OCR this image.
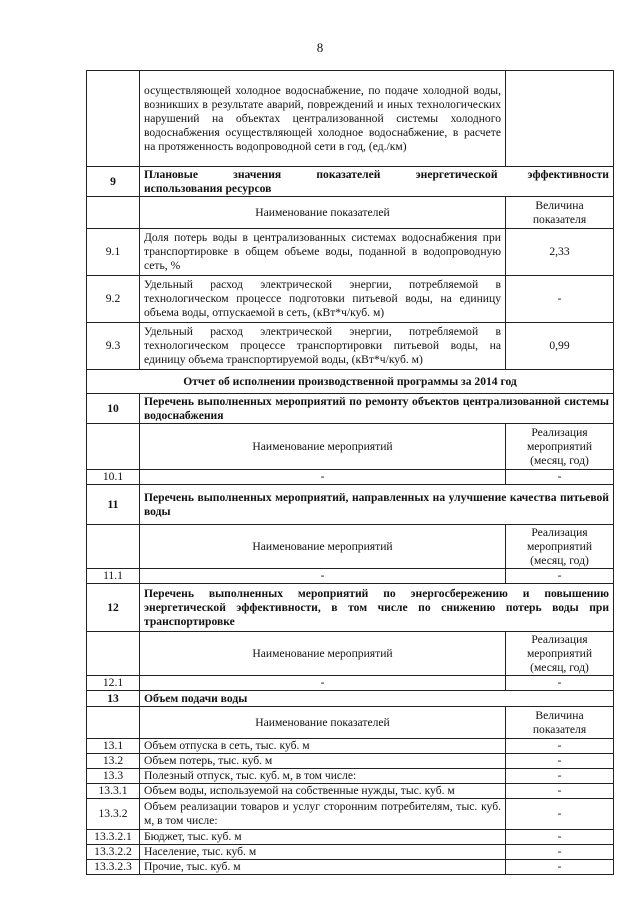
8
	осуществляющей холодное водоснабжение, по подаче холодной воды, возникших в результате аварий, повреждений и иных технологических нарушений на объектах централизованной системы холодного водоснабжения осуществляющей холодное водоснабжение, в расчете на протяженность водопроводной сети в год, (ед./км)	
9	Плановые значения показателей энергетической эффективности
использования ресурсов	

	Наименование показателей	Величина показателя
9.1	Доля потерь воды в централизованных системах водоснабжения при транспортировке в общем объеме воды, поданной в водопроводную сеть, %	2,33
9.2	Удельный расход электрической энергии, потребляемой в технологическом процессе подготовки питьевой воды, на единицу объема воды, отпускаемой в сеть, (кВт*ч/куб. м)	-
9.3	Удельный расход электрической энергии, потребляемой в технологическом процессе транспортировки питьевой воды, на единицу объема транспортируемой воды, (кВт*ч/куб. м)	0,99
Отчет об исполнении производственной программы за 2014 год		
10	Перечень выполненных мероприятий по ремонту объектов централизованной системы водоснабжения	
	Наименование мероприятий	Реализация мероприятий (месяц, год)
10.1	-	-
11	Перечень выполненных мероприятий, направленных на улучшение качества питьевой воды	
	Наименование мероприятий	Реализация мероприятий (месяц, год)
11.1	-	-
12	Перечень выполненных мероприятий по энергосбережению и повышению энергетической эффективности, в том числе по снижению потерь воды при транспортировке	
	Наименование мероприятий	Реализация мероприятий (месяц, год)
12.1	-	-
13	Объем подачи воды	
	Наименование показателей	Величина показателя
13.1	Объем отпуска в сеть, тыс. куб. м	-
13.2	Объем потерь, тыс. куб. м	-
13.3	Полезный отпуск, тыс. куб. м, в том числе:	-
13.3.1	Объем воды, используемой на собственные нужды, тыс. куб. м	-
13.3.2	Объем реализации товаров и услуг сторонним потребителям, тыс. куб. м, в том числе:	-
13.3.2.1	Бюджет, тыс. куб. м	-
13.3.2.2	Население, тыс. куб. м	-
13.3.2.3	Прочие, тыс. куб. м	-
